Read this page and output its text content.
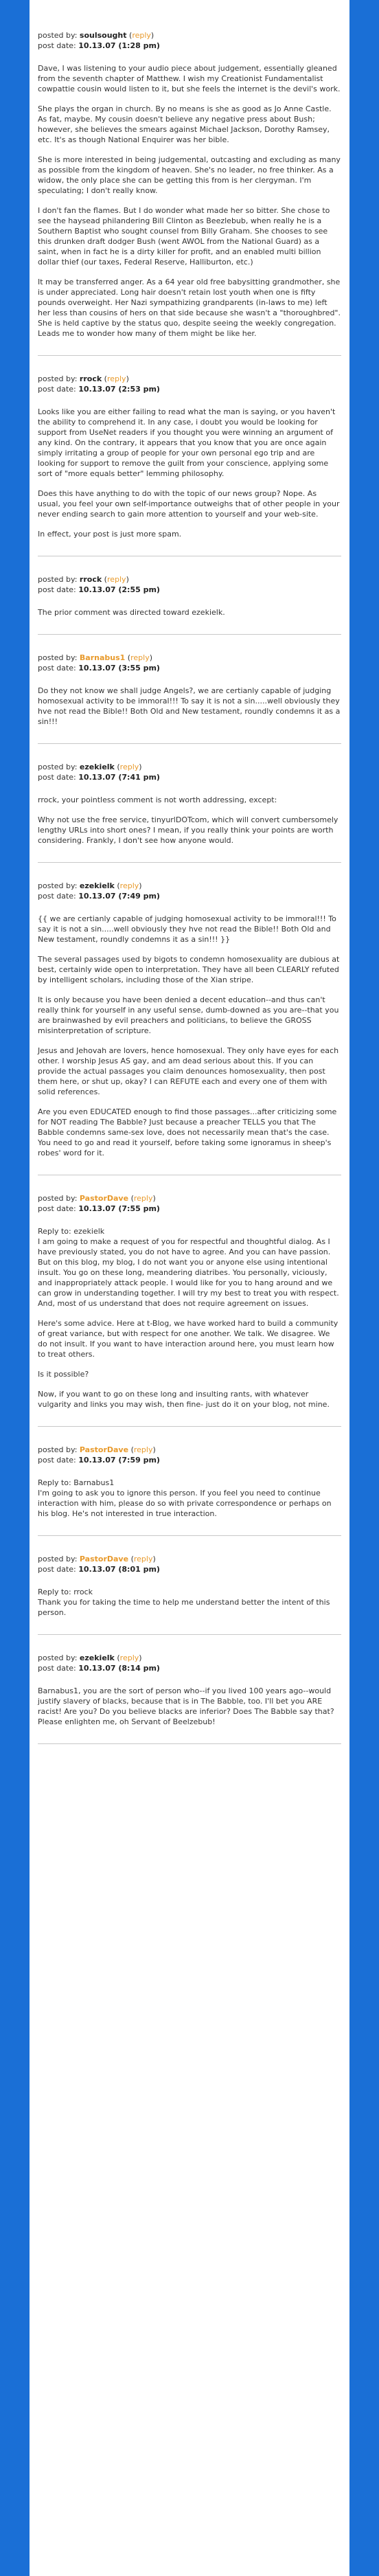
posted by: soulsought (reply)
post date: 10.13.07 (1:28 pm)

Dave, I was listening to your audio piece about judgement, essentially gleaned from the seventh chapter of Matthew. I wish my Creationist Fundamentalist cowpattie cousin would listen to it, but she feels the internet is the devil's work.

She plays the organ in church. By no means is she as good as Jo Anne Castle. As fat, maybe. My cousin doesn't believe any negative press about Bush; however, she believes the smears against Michael Jackson, Dorothy Ramsey, etc. It's as though National Enquirer was her bible.

She is more interested in being judgemental, outcasting and excluding as many as possible from the kingdom of heaven. She's no leader, no free thinker. As a widow, the only place she can be getting this from is her clergyman. I'm speculating; I don't really know.

I don't fan the flames. But I do wonder what made her so bitter. She chose to see the haysead philandering Bill Clinton as Beezlebub, when really he is a Southern Baptist who sought counsel from Billy Graham. She chooses to see this drunken draft dodger Bush (went AWOL from the National Guard) as a saint, when in fact he is a dirty killer for profit, and an enabled multi billion dollar thief (our taxes, Federal Reserve, Halliburton, etc.)

It may be transferred anger. As a 64 year old free babysitting grandmother, she is under appreciated. Long hair doesn't retain lost youth when one is fifty pounds overweight. Her Nazi sympathizing grandparents (in-laws to me) left her less than cousins of hers on that side because she wasn't a "thoroughbred". She is held captive by the status quo, despite seeing the weekly congregation. Leads me to wonder how many of them might be like her.

posted by: rrock (reply)
post date: 10.13.07 (2:53 pm)

Looks like you are either failing to read what the man is saying, or you haven't the ability to comprehend it. In any case, i doubt you would be looking for support from UseNet readers if you thought you were winning an argument of any kind. On the contrary, it appears that you know that you are once again simply irritating a group of people for your own personal ego trip and are looking for support to remove the guilt from your conscience, applying some sort of "more equals better" lemming philosophy.

Does this have anything to do with the topic of our news group? Nope. As usual, you feel your own self-importance outweighs that of other people in your never ending search to gain more attention to yourself and your web-site.

In effect, your post is just more spam.

posted by: rrock (reply)
post date: 10.13.07 (2:55 pm)

The prior comment was directed toward ezekielk.

posted by: Barnabus1 (reply)
post date: 10.13.07 (3:55 pm)

Do they not know we shall judge Angels?, we are certianly capable of judging homosexual activity to be immoral!!! To say it is not a sin.....well obviously they hve not read the Bible!! Both Old and New testament, roundly condemns it as a sin!!!

posted by: ezekielk (reply)
post date: 10.13.07 (7:41 pm)

rrock, your pointless comment is not worth addressing, except:

Why not use the free service, tinyurlDOTcom, which will convert cumbersomely lengthy URLs into short ones? I mean, if you really think your points are worth considering. Frankly, I don't see how anyone would.

posted by: ezekielk (reply)
post date: 10.13.07 (7:49 pm)

{{ we are certianly capable of judging homosexual activity to be immoral!!! To say it is not a sin.....well obviously they hve not read the Bible!! Both Old and New testament, roundly condemns it as a sin!!! }}

The several passages used by bigots to condemn homosexuality are dubious at best, certainly wide open to interpretation. They have all been CLEARLY refuted by intelligent scholars, including those of the Xian stripe.

It is only because you have been denied a decent education--and thus can't really think for yourself in any useful sense, dumb-downed as you are--that you are brainwashed by evil preachers and politicians, to believe the GROSS misinterpretation of scripture.

Jesus and Jehovah are lovers, hence homosexual. They only have eyes for each other. I worship Jesus AS gay, and am dead serious about this. If you can provide the actual passages you claim denounces homosexuality, then post them here, or shut up, okay? I can REFUTE each and every one of them with solid references.

Are you even EDUCATED enough to find those passages...after criticizing some for NOT reading The Babble? Just because a preacher TELLS you that The Babble condemns same-sex love, does not necessarily mean that's the case. You need to go and read it yourself, before taking some ignoramus in sheep's robes' word for it.

posted by: PastorDave (reply)
post date: 10.13.07 (7:55 pm)
Reply to: ezekielk

I am going to make a request of you for respectful and thoughtful dialog. As I have previously stated, you do not have to agree. And you can have passion. But on this blog, my blog, I do not want you or anyone else using intentional insult. You go on these long, meandering diatribes. You personally, viciously, and inappropriately attack people. I would like for you to hang around and we can grow in understanding together. I will try my best to treat you with respect. And, most of us understand that does not require agreement on issues.

Here's some advice. Here at t-Blog, we have worked hard to build a community of great variance, but with respect for one another. We talk. We disagree. We do not insult. If you want to have interaction around here, you must learn how to treat others.

Is it possible?

Now, if you want to go on these long and insulting rants, with whatever vulgarity and links you may wish, then fine- just do it on your blog, not mine.

posted by: PastorDave (reply)
post date: 10.13.07 (7:59 pm)
Reply to: Barnabus1

I'm going to ask you to ignore this person. If you feel you need to continue interaction with him, please do so with private correspondence or perhaps on his blog. He's not interested in true interaction.

posted by: PastorDave (reply)
post date: 10.13.07 (8:01 pm)
Reply to: rrock

Thank you for taking the time to help me understand better the intent of this person.

posted by: ezekielk (reply)
post date: 10.13.07 (8:14 pm)

Barnabus1, you are the sort of person who--if you lived 100 years ago--would justify slavery of blacks, because that is in The Babble, too. I'll bet you ARE racist! Are you? Do you believe blacks are inferior? Does The Babble say that? Please enlighten me, oh Servant of Beelzebub!
